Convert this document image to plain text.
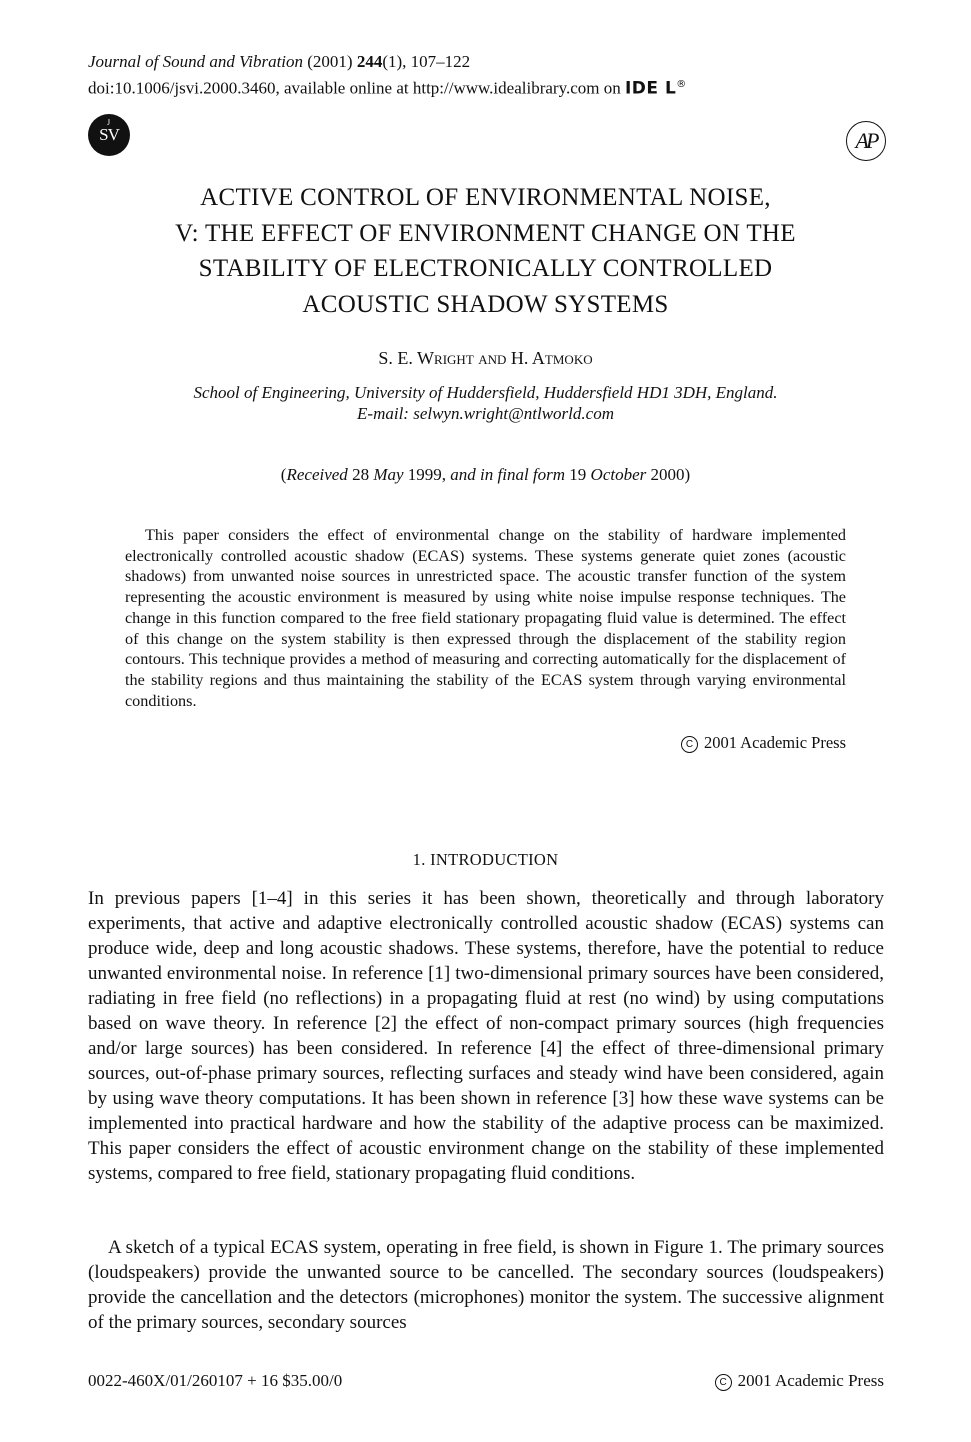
Journal of Sound and Vibration (2001) 244(1), 107–122
doi:10.1006/jsvi.2000.3460, available online at http://www.idealibrary.com on IDE L®
J
SV	AP
ACTIVE CONTROL OF ENVIRONMENTAL NOISE,
V: THE EFFECT OF ENVIRONMENT CHANGE ON THE
STABILITY OF ELECTRONICALLY CONTROLLED
ACOUSTIC SHADOW SYSTEMS
S. E. Wright and H. Atmoko
School of Engineering, University of Huddersfield, Huddersfield HD1 3DH, England.
E-mail: selwyn.wright@ntlworld.com
(Received 28 May 1999, and in final form 19 October 2000)
This paper considers the effect of environmental change on the stability of hardware implemented electronically controlled acoustic shadow (ECAS) systems. These systems generate quiet zones (acoustic shadows) from unwanted noise sources in unrestricted space. The acoustic transfer function of the system representing the acoustic environment is measured by using white noise impulse response techniques. The change in this function compared to the free field stationary propagating fluid value is determined. The effect of this change on the system stability is then expressed through the displacement of the stability region contours. This technique provides a method of measuring and correcting automatically for the displacement of the stability regions and thus maintaining the stability of the ECAS system through varying environmental conditions.
C 2001 Academic Press
1. INTRODUCTION
In previous papers [1–4] in this series it has been shown, theoretically and through laboratory experiments, that active and adaptive electronically controlled acoustic shadow (ECAS) systems can produce wide, deep and long acoustic shadows. These systems, therefore, have the potential to reduce unwanted environmental noise. In reference [1] two-dimensional primary sources have been considered, radiating in free field (no reflections) in a propagating fluid at rest (no wind) by using computations based on wave theory. In reference [2] the effect of non-compact primary sources (high frequencies and/or large sources) has been considered. In reference [4] the effect of three-dimensional primary sources, out-of-phase primary sources, reflecting surfaces and steady wind have been considered, again by using wave theory computations. It has been shown in reference [3] how these wave systems can be implemented into practical hardware and how the stability of the adaptive process can be maximized. This paper considers the effect of acoustic environment change on the stability of these implemented systems, compared to free field, stationary propagating fluid conditions.
A sketch of a typical ECAS system, operating in free field, is shown in Figure 1. The primary sources (loudspeakers) provide the unwanted source to be cancelled. The secondary sources (loudspeakers) provide the cancellation and the detectors (microphones) monitor the system. The successive alignment of the primary sources, secondary sources
0022-460X/01/260107 + 16 $35.00/0	C 2001 Academic Press
